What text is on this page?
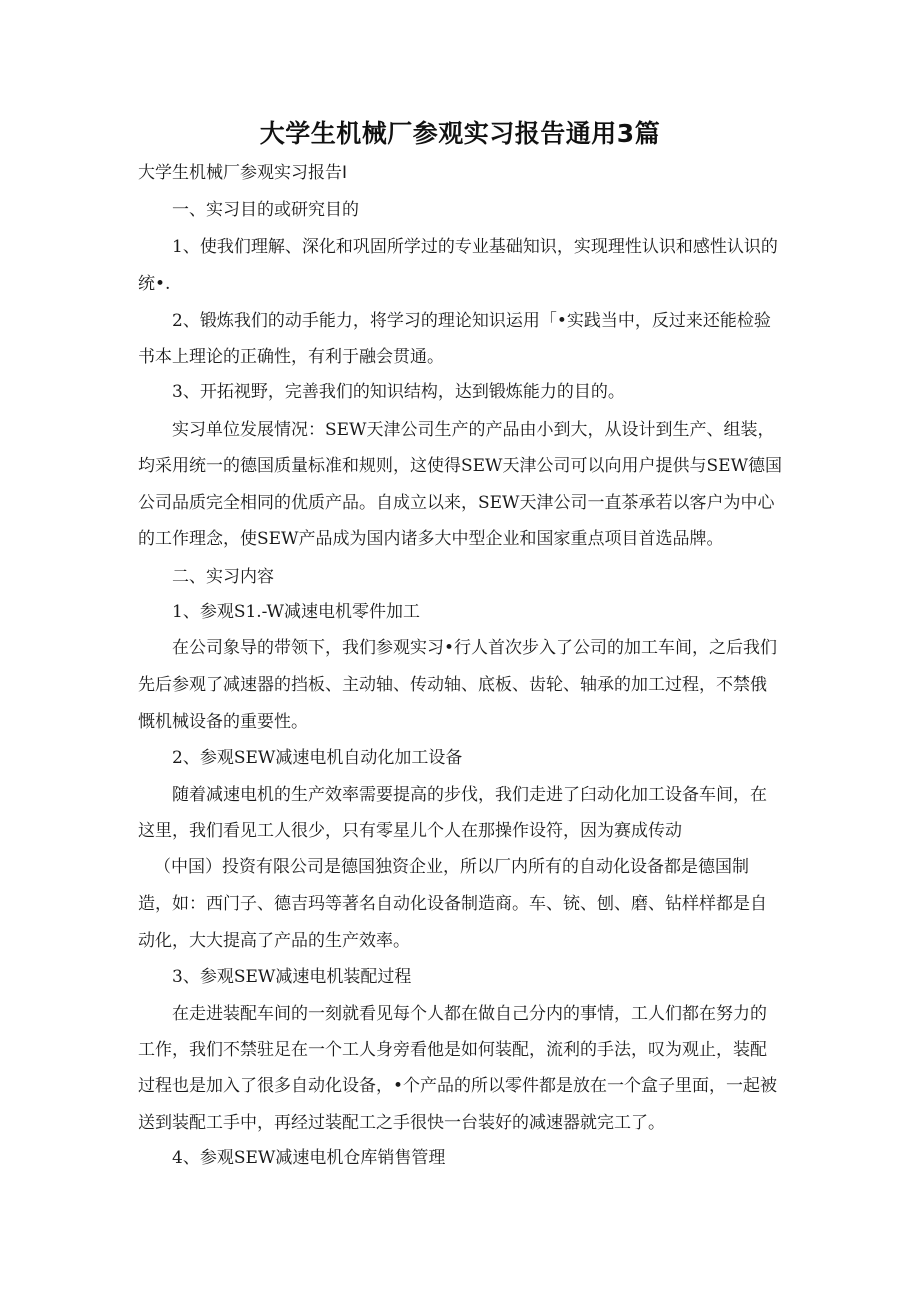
大学生机械厂参观实习报告通用3篇
大学生机械厂参观实习报告I
一、实习目的或研究目的
1、使我们理解、深化和巩固所学过的专业基础知识，实现理性认识和感性认识的
统•.
2、锻炼我们的动手能力，将学习的理论知识运用「•实践当中，反过来还能检验
书本上理论的正确性，有利于融会贯通。
3、开拓视野，完善我们的知识结构，达到锻炼能力的目的。
实习单位发展情况：SEW天津公司生产的产品由小到大，从设计到生产、组装，
均采用统一的德国质量标准和规则，这使得SEW天津公司可以向用户提供与SEW德国
公司品质完全相同的优质产品。自成立以来，SEW天津公司一直茶承若以客户为中心
的工作理念，使SEW产品成为国内诸多大中型企业和国家重点项目首选品牌。
二、实习内容
1、参观S1.-W减速电机零件加工
在公司象导的带领下，我们参观实习•行人首次步入了公司的加工车间，之后我们
先后参观了减速器的挡板、主动轴、传动轴、底板、齿轮、轴承的加工过程，不禁俄
慨机械设备的重要性。
2、参观SEW减速电机自动化加工设备
随着减速电机的生产效率需要提高的步伐，我们走进了臼动化加工设备车间，在
这里，我们看见工人很少，只有零星儿个人在那操作设符，因为赛成传动
（中国）投资有限公司是德国独资企业，所以厂内所有的自动化设备都是德国制
造，如：西门子、德吉玛等著名自动化设备制造商。车、铳、刨、磨、钻样样都是自
动化，大大提高了产品的生产效率。
3、参观SEW减速电机装配过程
在走进装配车间的一刻就看见每个人都在做自己分内的事情，工人们都在努力的
工作，我们不禁驻足在一个工人身旁看他是如何装配，流利的手法，叹为观止，装配
过程也是加入了很多自动化设备，•个产品的所以零件都是放在一个盒子里面，一起被
送到装配工手中，再经过装配工之手很快一台装好的减速器就完工了。
4、参观SEW减速电机仓库销售管理
